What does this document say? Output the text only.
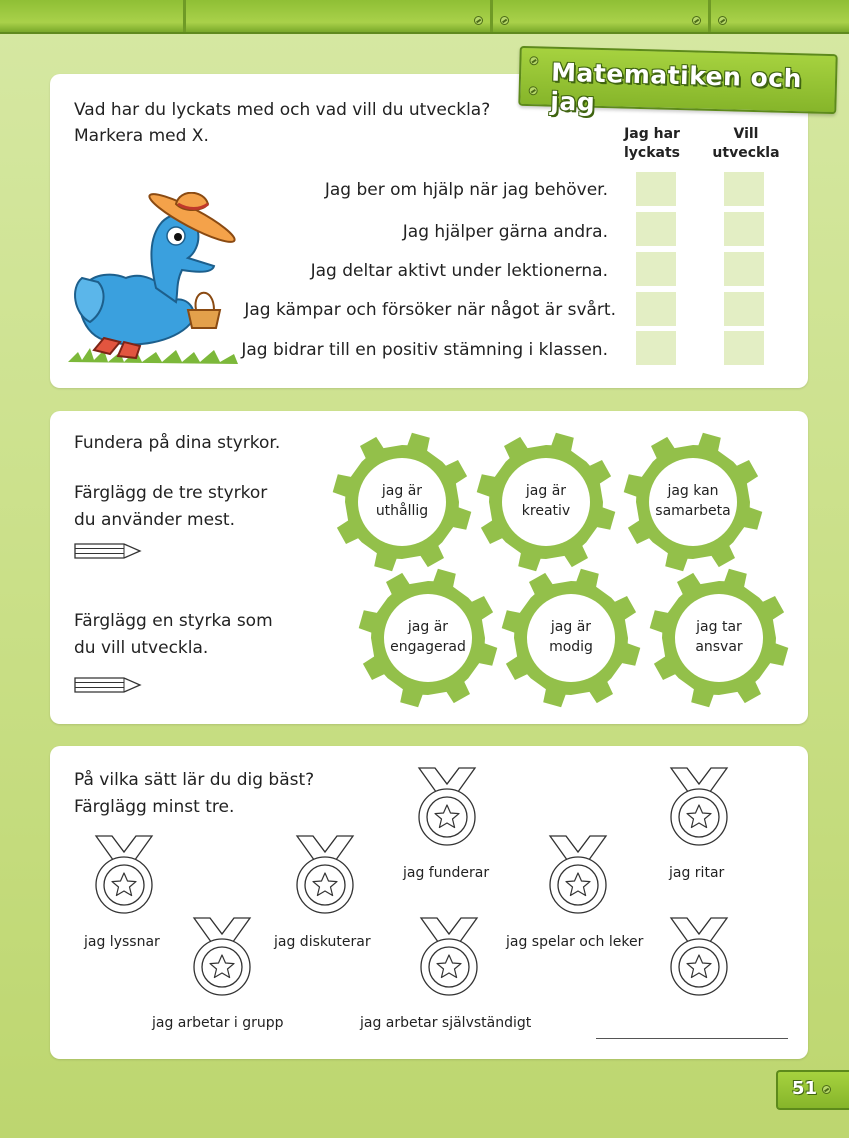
Vad har du lyckats med och vad vill du utveckla?
Markera med X.	Jag har lyckats
Vill utveckla
Jag ber om hjälp när jag behöver.
Jag hjälper gärna andra.
Jag deltar aktivt under lektionerna.
Jag kämpar och försöker när något är svårt.
Jag bidrar till en positiv stämning i klassen.
Matematiken och jag
Fundera på dina styrkor.
Färglägg de tre styrkor
du använder mest.
Färglägg en styrka som
du vill utveckla.
jag är
uthållig
jag är
kreativ
jag kan
samarbeta
jag är
engagerad
jag är
modig
jag tar
ansvar
På vilka sätt lär du dig bäst?
Färglägg minst tre.
jag lyssnar
jag arbetar i grupp
jag diskuterar
jag funderar
jag arbetar självständigt
jag spelar och leker
jag ritar
51
